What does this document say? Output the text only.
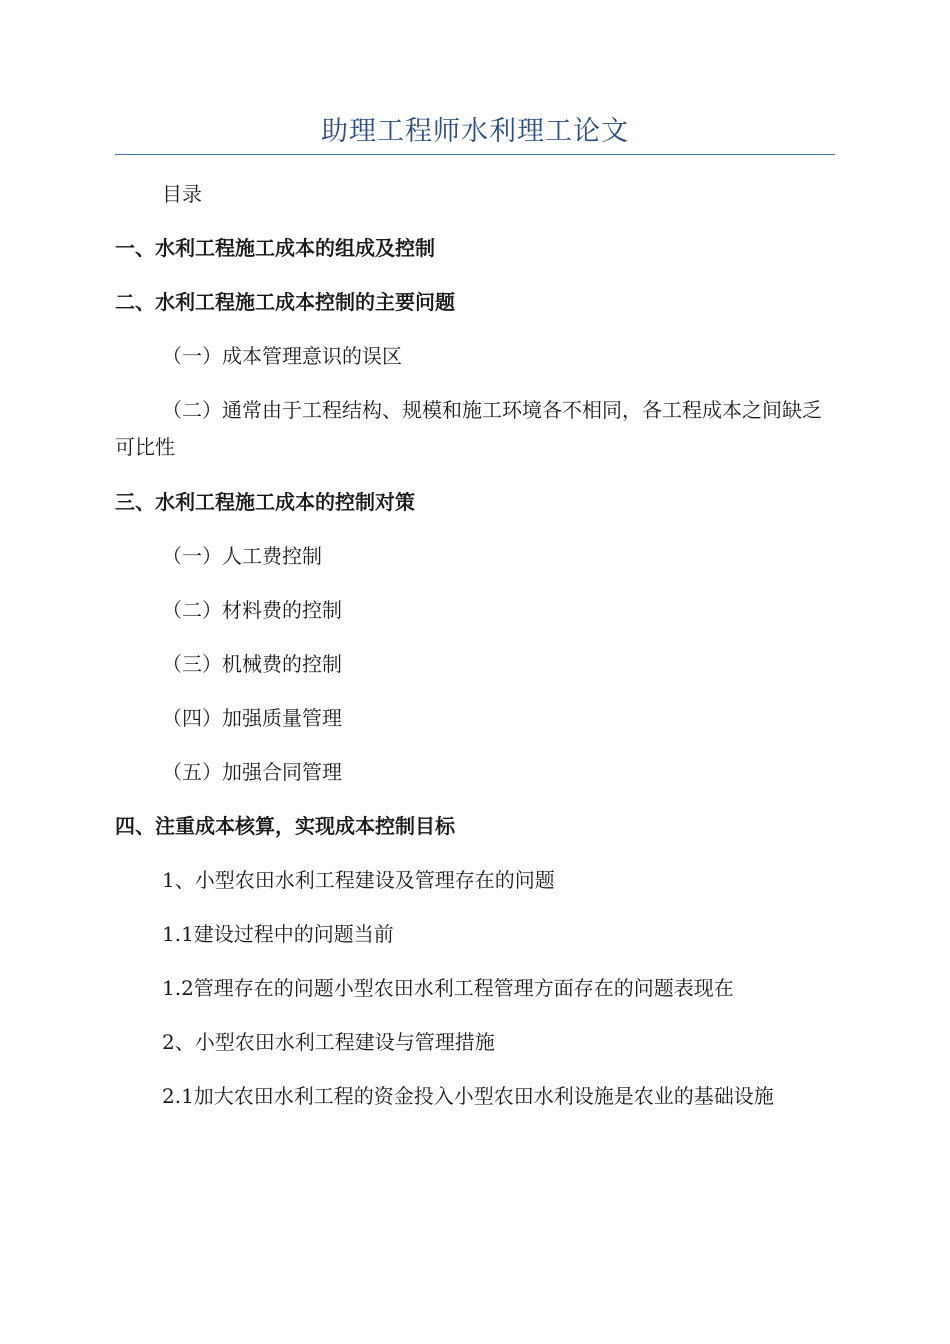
助理工程师水利理工论文
目录
一、水利工程施工成本的组成及控制
二、水利工程施工成本控制的主要问题
（一）成本管理意识的误区
（二）通常由于工程结构、规模和施工环境各不相同，各工程成本之间缺乏可比性
三、水利工程施工成本的控制对策
（一）人工费控制
（二）材料费的控制
（三）机械费的控制
（四）加强质量管理
（五）加强合同管理
四、注重成本核算，实现成本控制目标
1、小型农田水利工程建设及管理存在的问题
1.1建设过程中的问题当前
1.2管理存在的问题小型农田水利工程管理方面存在的问题表现在
2、小型农田水利工程建设与管理措施
2.1加大农田水利工程的资金投入小型农田水利设施是农业的基础设施
